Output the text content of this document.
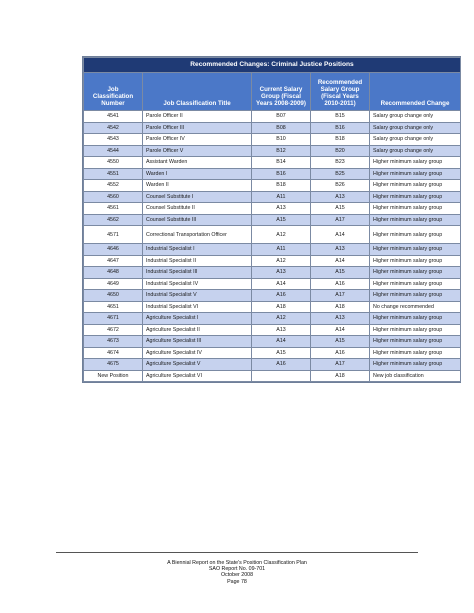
Recommended Changes: Criminal Justice Positions				
Job Classification Number	Job Classification Title	Current Salary Group (Fiscal Years 2008-2009)	Recommended Salary Group (Fiscal Years 2010-2011)	Recommended Change
4541	Parole Officer II	B07	B15	Salary group change only
4542	Parole Officer III	B08	B16	Salary group change only
4543	Parole Officer IV	B10	B18	Salary group change only
4544	Parole Officer V	B12	B20	Salary group change only
4550	Assistant Warden	B14	B23	Higher minimum salary group
4551	Warden I	B16	B25	Higher minimum salary group
4552	Warden II	B18	B26	Higher minimum salary group
4560	Counsel Substitute I	A11	A13	Higher minimum salary group
4561	Counsel Substitute II	A13	A15	Higher minimum salary group
4562	Counsel Substitute III	A15	A17	Higher minimum salary group
4571	Correctional Transportation Officer	A12	A14	Higher minimum salary group
4646	Industrial Specialist I	A11	A13	Higher minimum salary group
4647	Industrial Specialist II	A12	A14	Higher minimum salary group
4648	Industrial Specialist III	A13	A15	Higher minimum salary group
4649	Industrial Specialist IV	A14	A16	Higher minimum salary group
4650	Industrial Specialist V	A16	A17	Higher minimum salary group
4651	Industrial Specialist VI	A18	A18	No change recommended
4671	Agriculture Specialist I	A12	A13	Higher minimum salary group
4672	Agriculture Specialist II	A13	A14	Higher minimum salary group
4673	Agriculture Specialist III	A14	A15	Higher minimum salary group
4674	Agriculture Specialist IV	A15	A16	Higher minimum salary group
4675	Agriculture Specialist V	A16	A17	Higher minimum salary group
New Position	Agriculture Specialist VI		A18	New job classification
A Biennial Report on the State's Position Classification Plan
SAO Report No. 09-701
October 2008
Page 78
